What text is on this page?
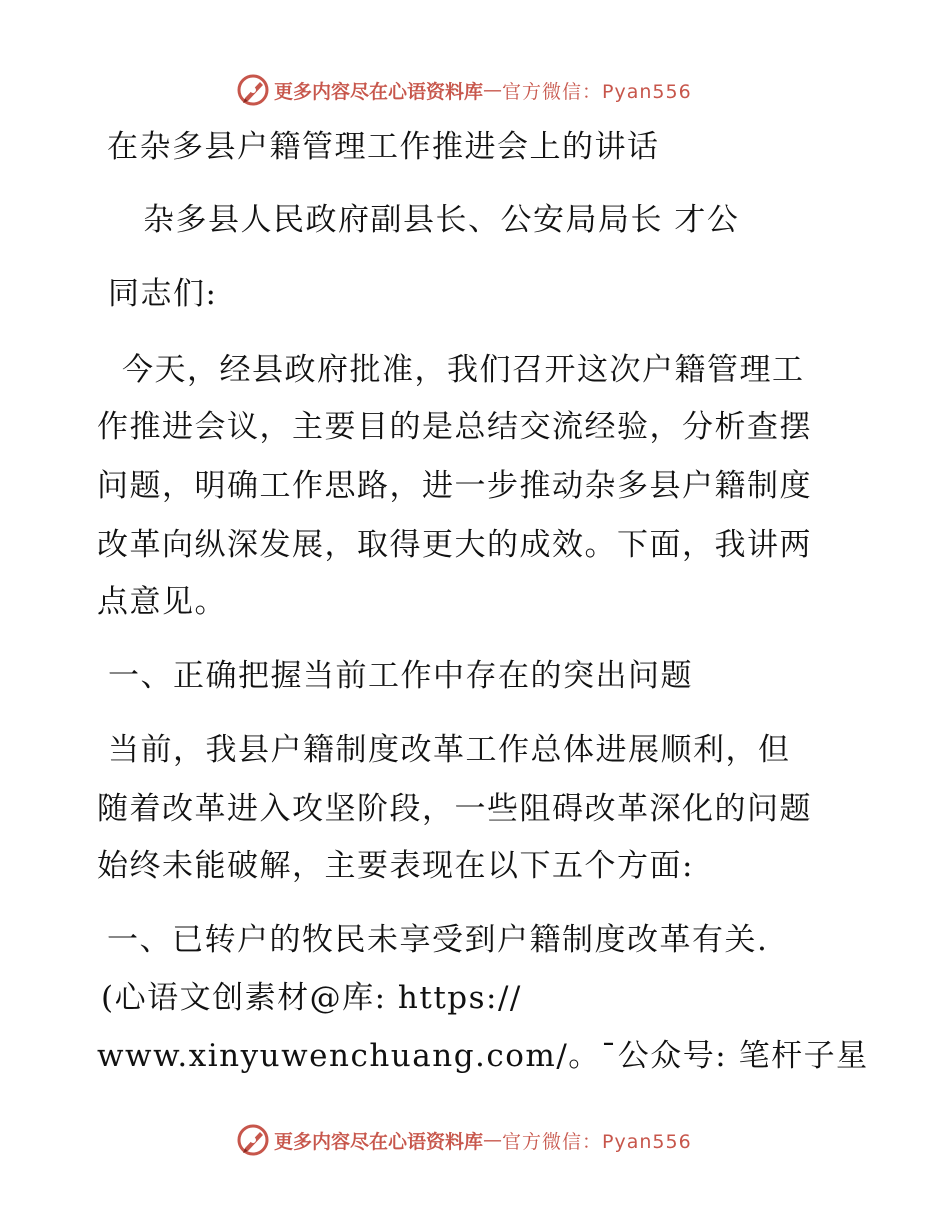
更多内容尽在心语资料库 — 官方微信：Pyan556
在杂多县户籍管理工作推进会上的讲话
杂多县人民政府副县长、公安局局长 才公
同志们:
今天，经县政府批准，我们召开这次户籍管理工
作推进会议，主要目的是总结交流经验，分析查摆
问题，明确工作思路，进一步推动杂多县户籍制度
改革向纵深发展，取得更大的成效。下面，我讲两
点意见。
一、正确把握当前工作中存在的突出问题
当前，我县户籍制度改革工作总体进展顺利，但
随着改革进入攻坚阶段，一些阻碍改革深化的问题
始终未能破解，主要表现在以下五个方面:
一、已转户的牧民未享受到户籍制度改革有关.
(心语文创素材@库: https://
www.xinyuwenchuang.com/。¯公众号: 笔杆子星
更多内容尽在心语资料库 — 官方微信：Pyan556
